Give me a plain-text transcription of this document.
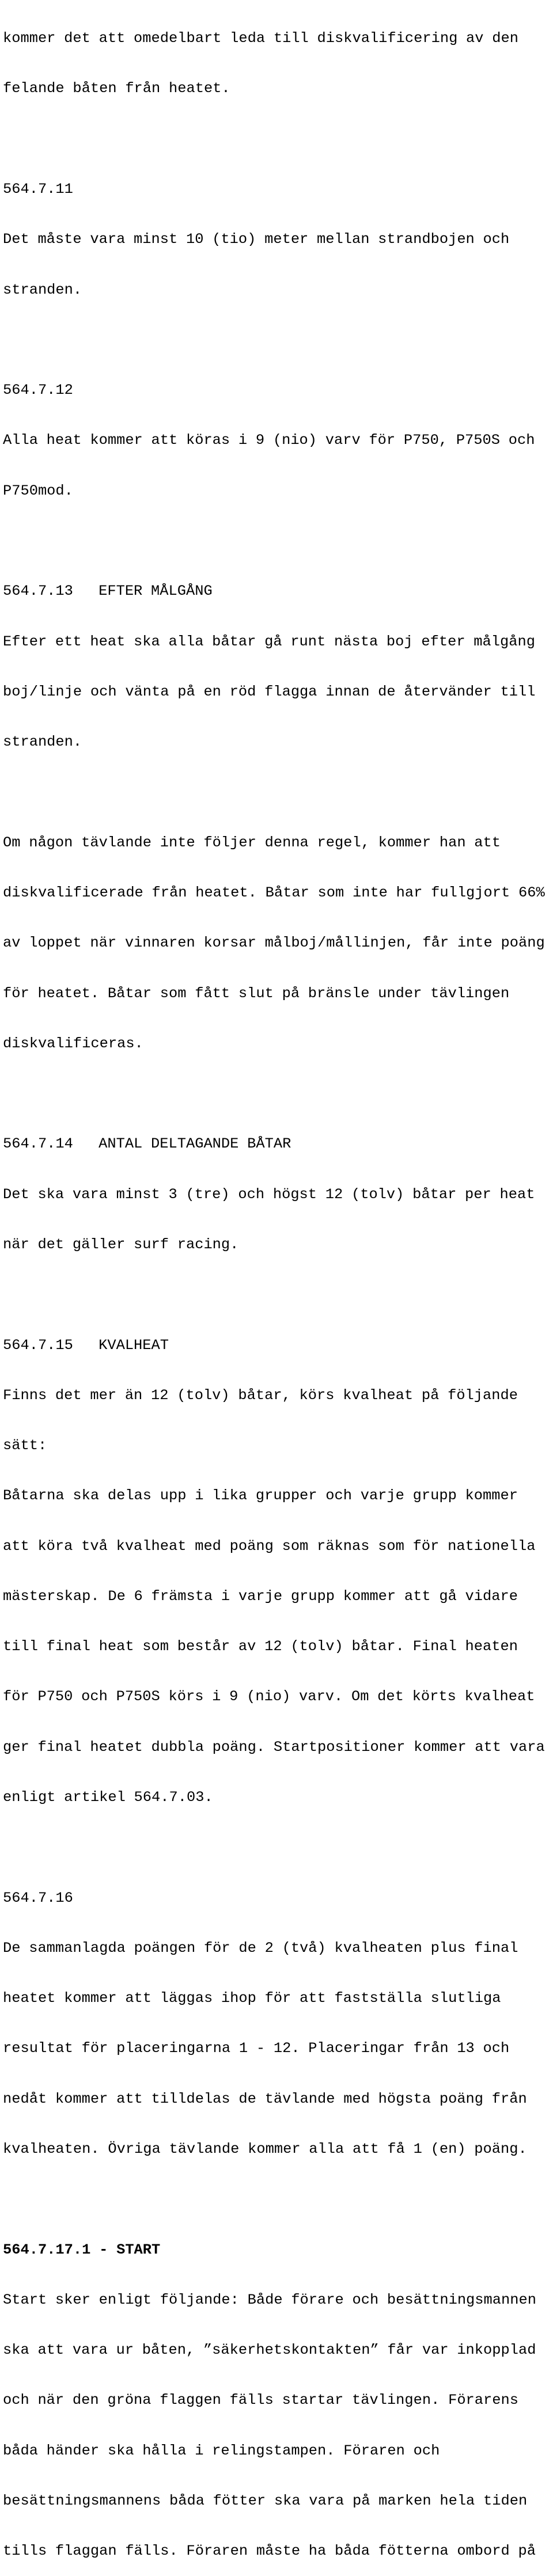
kommer det att omedelbart leda till diskvalificering av den

felande båten från heatet.

564.7.11

Det måste vara minst 10 (tio) meter mellan strandbojen och

stranden.

564.7.12

Alla heat kommer att köras i 9 (nio) varv för P750, P750S och

P750mod.

564.7.13   EFTER MÅLGÅNG

Efter ett heat ska alla båtar gå runt nästa boj efter målgång

boj/linje och vänta på en röd flagga innan de återvänder till

stranden.

Om någon tävlande inte följer denna regel, kommer han att

diskvalificerade från heatet. Båtar som inte har fullgjort 66%

av loppet när vinnaren korsar målboj/mållinjen, får inte poäng

för heatet. Båtar som fått slut på bränsle under tävlingen

diskvalificeras.

564.7.14   ANTAL DELTAGANDE BÅTAR

Det ska vara minst 3 (tre) och högst 12 (tolv) båtar per heat

när det gäller surf racing.

564.7.15   KVALHEAT

Finns det mer än 12 (tolv) båtar, körs kvalheat på följande

sätt:

Båtarna ska delas upp i lika grupper och varje grupp kommer

att köra två kvalheat med poäng som räknas som för nationella

mästerskap. De 6 främsta i varje grupp kommer att gå vidare

till final heat som består av 12 (tolv) båtar. Final heaten

för P750 och P750S körs i 9 (nio) varv. Om det körts kvalheat

ger final heatet dubbla poäng. Startpositioner kommer att vara

enligt artikel 564.7.03.

564.7.16

De sammanlagda poängen för de 2 (två) kvalheaten plus final

heatet kommer att läggas ihop för att fastställa slutliga

resultat för placeringarna 1 - 12. Placeringar från 13 och

nedåt kommer att tilldelas de tävlande med högsta poäng från

kvalheaten. Övriga tävlande kommer alla att få 1 (en) poäng.

564.7.17.1 - START

Start sker enligt följande: Både förare och besättningsmannen

ska att vara ur båten, ”säkerhetskontakten” får var inkopplad

och när den gröna flaggen fälls startar tävlingen. Förarens

båda händer ska hålla i relingstampen. Föraren och

besättningsmannens båda fötter ska vara på marken hela tiden

tills flaggan fälls. Föraren måste ha båda fötterna ombord på
